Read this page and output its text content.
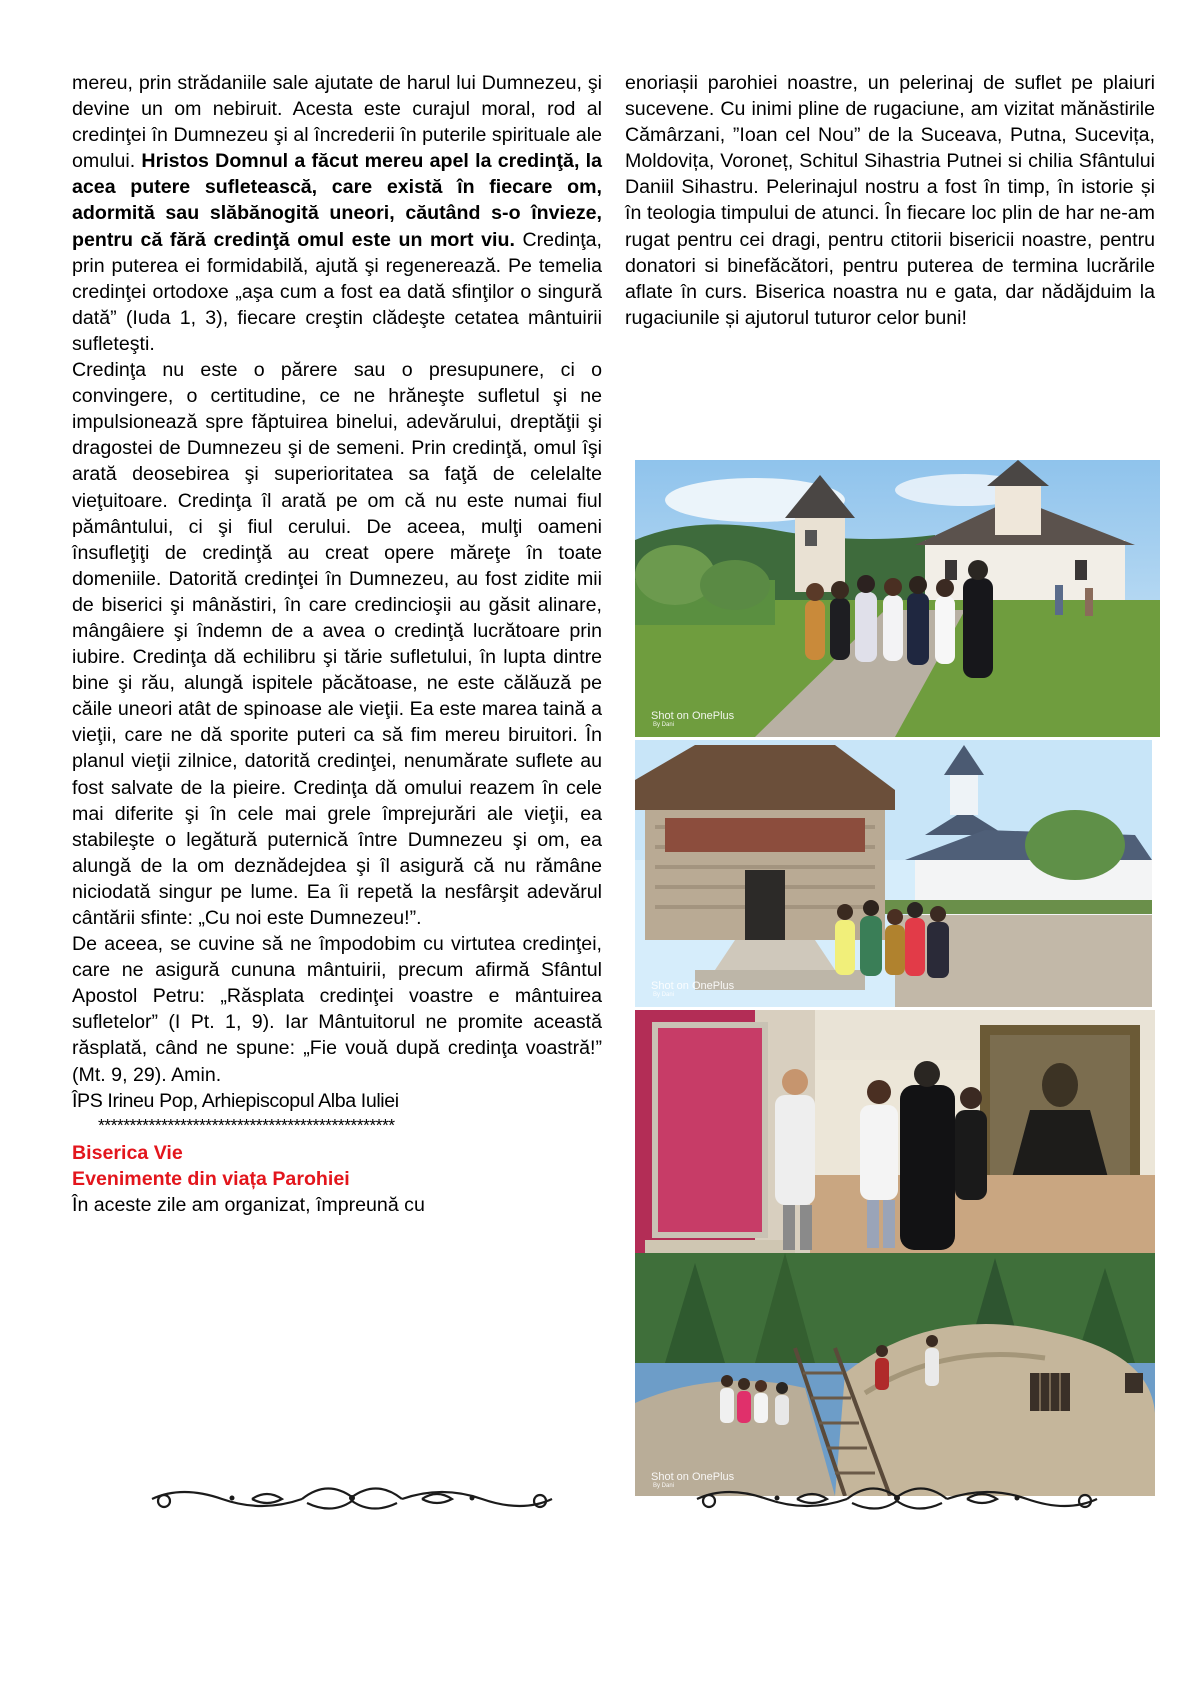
mereu, prin strădaniile sale ajutate de harul lui Dumnezeu, şi devine un om nebiruit. Acesta este curajul moral, rod al credinţei în Dumnezeu şi al încrederii în puterile spirituale ale omului. Hristos Domnul a făcut mereu apel la credinţă, la acea putere sufletească, care există în fiecare om, adormită sau slăbănogită uneori, căutând s-o învieze, pentru că fără credinţă omul este un mort viu. Credinţa, prin puterea ei formidabilă, ajută şi regenerează. Pe temelia credinţei ortodoxe „aşa cum a fost ea dată sfinţilor o singură dată” (Iuda 1, 3), fiecare creştin clădeşte cetatea mântuirii sufleteşti.

Credinţa nu este o părere sau o presupunere, ci o convingere, o certitudine, ce ne hrăneşte sufletul şi ne impulsionează spre făptuirea binelui, adevărului, dreptăţii şi dragostei de Dumnezeu şi de semeni. Prin credinţă, omul îşi arată deosebirea şi superioritatea sa faţă de celelalte vieţuitoare. Credinţa îl arată pe om că nu este numai fiul pământului, ci şi fiul cerului. De aceea, mulţi oameni însufleţiţi de credinţă au creat opere măreţe în toate domeniile. Datorită credinţei în Dumnezeu, au fost zidite mii de biserici şi mânăstiri, în care credincioşii au găsit alinare, mângâiere şi îndemn de a avea o credinţă lucrătoare prin iubire. Credinţa dă echilibru şi tărie sufletului, în lupta dintre bine şi rău, alungă ispitele păcătoase, ne este călăuză pe căile uneori atât de spinoase ale vieţii. Ea este marea taină a vieţii, care ne dă sporite puteri ca să fim mereu biruitori. În planul vieţii zilnice, datorită credinţei, nenumărate suflete au fost salvate de la pieire. Credinţa dă omului reazem în cele mai diferite şi în cele mai grele împrejurări ale vieţii, ea stabileşte o legătură puternică între Dumnezeu şi om, ea alungă de la om deznădejdea şi îl asigură că nu rămâne niciodată singur pe lume. Ea îi repetă la nesfârşit adevărul cântării sfinte: „Cu noi este Dumnezeu!”.

De aceea, se cuvine să ne împodobim cu virtutea credinţei, care ne asigură cununa mântuirii, precum afirmă Sfântul Apostol Petru: „Răsplata credinţei voastre e mântuirea sufletelor” (I Pt. 1, 9). Iar Mântuitorul ne promite această răsplată, când ne spune: „Fie vouă după credinţa voastră!” (Mt. 9, 29). Amin.

ÎPS Irineu Pop, Arhiepiscopul Alba Iuliei

***********************************************

Biserica Vie

Evenimente din viața Parohiei

În aceste zile am organizat, împreună cu

enoriașii parohiei noastre, un pelerinaj de suflet pe plaiuri sucevene. Cu inimi pline de rugaciune, am vizitat mănăstirile Cămârzani, ”Ioan cel Nou” de la Suceava, Putna, Sucevița, Moldovița, Voroneț, Schitul Sihastria Putnei si chilia Sfântului Daniil Sihastru. Pelerinajul nostru a fost în timp, în istorie și în teologia timpului de atunci. În fiecare loc plin de har ne-am rugat pentru cei dragi, pentru ctitorii bisericii noastre, pentru donatori si binefăcători, pentru puterea de termina lucrările aflate în curs. Biserica noastra nu e gata, dar nădăjduim la rugaciunile și ajutorul tuturor celor buni!

Shot on OnePlus
By Dani
Shot on OnePlus
By Dani
Shot on OnePlus
By Dani
